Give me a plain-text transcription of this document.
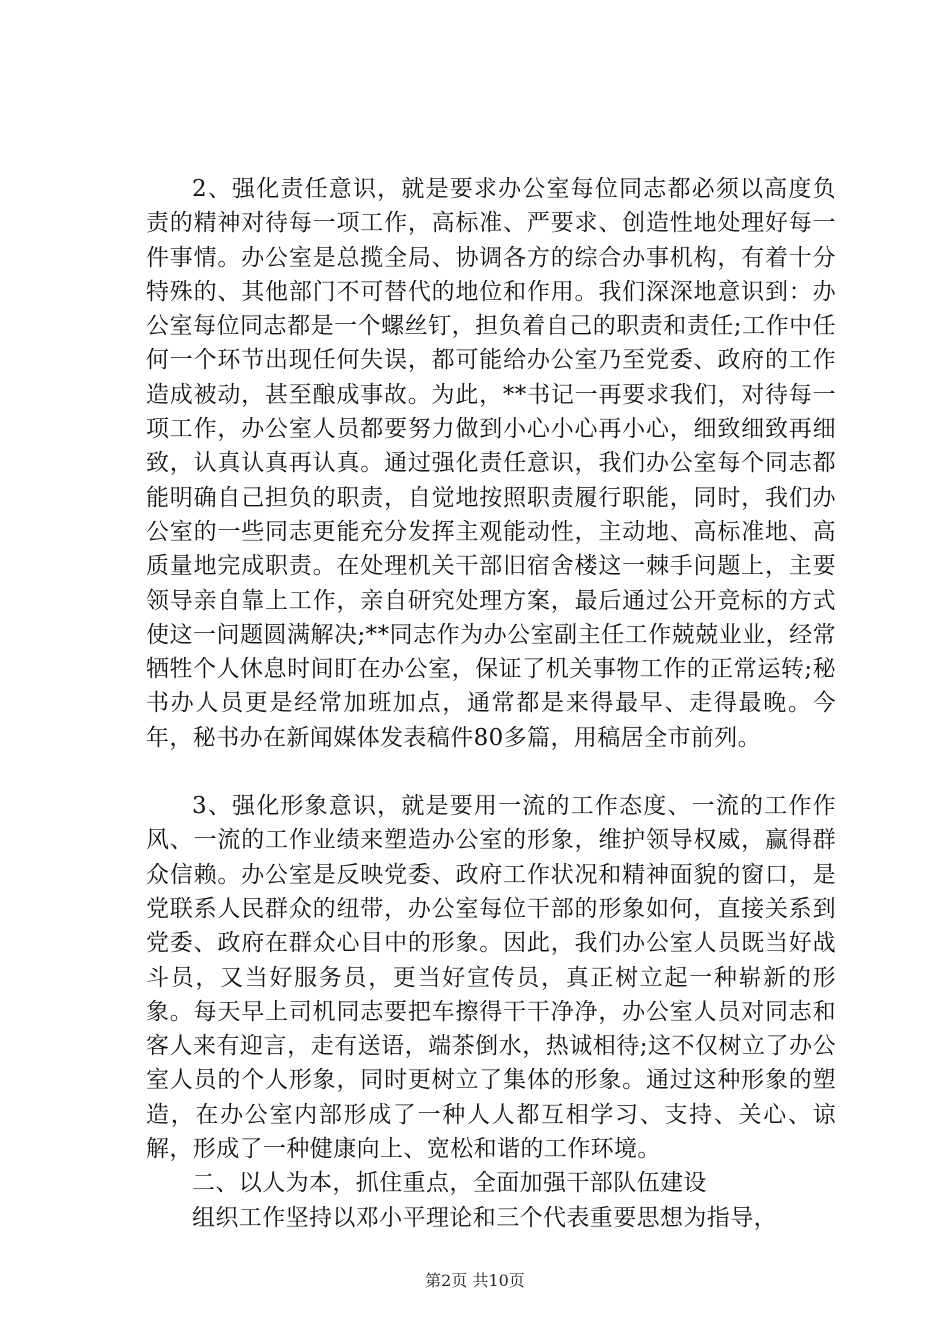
2、强化责任意识，就是要求办公室每位同志都必须以高度负责的精神对待每一项工作，高标准、严要求、创造性地处理好每一件事情。办公室是总揽全局、协调各方的综合办事机构，有着十分特殊的、其他部门不可替代的地位和作用。我们深深地意识到：办公室每位同志都是一个螺丝钉，担负着自己的职责和责任;工作中任何一个环节出现任何失误，都可能给办公室乃至党委、政府的工作造成被动，甚至酿成事故。为此，**书记一再要求我们，对待每一项工作，办公室人员都要努力做到小心小心再小心，细致细致再细致，认真认真再认真。通过强化责任意识，我们办公室每个同志都能明确自己担负的职责，自觉地按照职责履行职能，同时，我们办公室的一些同志更能充分发挥主观能动性，主动地、高标准地、高质量地完成职责。在处理机关干部旧宿舍楼这一棘手问题上，主要领导亲自靠上工作，亲自研究处理方案，最后通过公开竞标的方式使这一问题圆满解决;**同志作为办公室副主任工作兢兢业业，经常牺牲个人休息时间盯在办公室，保证了机关事物工作的正常运转;秘书办人员更是经常加班加点，通常都是来得最早、走得最晚。今年，秘书办在新闻媒体发表稿件80多篇，用稿居全市前列。

3、强化形象意识，就是要用一流的工作态度、一流的工作作风、一流的工作业绩来塑造办公室的形象，维护领导权威，赢得群众信赖。办公室是反映党委、政府工作状况和精神面貌的窗口，是党联系人民群众的纽带，办公室每位干部的形象如何，直接关系到党委、政府在群众心目中的形象。因此，我们办公室人员既当好战斗员，又当好服务员，更当好宣传员，真正树立起一种崭新的形象。每天早上司机同志要把车擦得干干净净，办公室人员对同志和客人来有迎言，走有送语，端茶倒水，热诚相待;这不仅树立了办公室人员的个人形象，同时更树立了集体的形象。通过这种形象的塑造，在办公室内部形成了一种人人都互相学习、支持、关心、谅解，形成了一种健康向上、宽松和谐的工作环境。

二、以人为本，抓住重点，全面加强干部队伍建设

组织工作坚持以邓小平理论和三个代表重要思想为指导，

第2页 共10页
